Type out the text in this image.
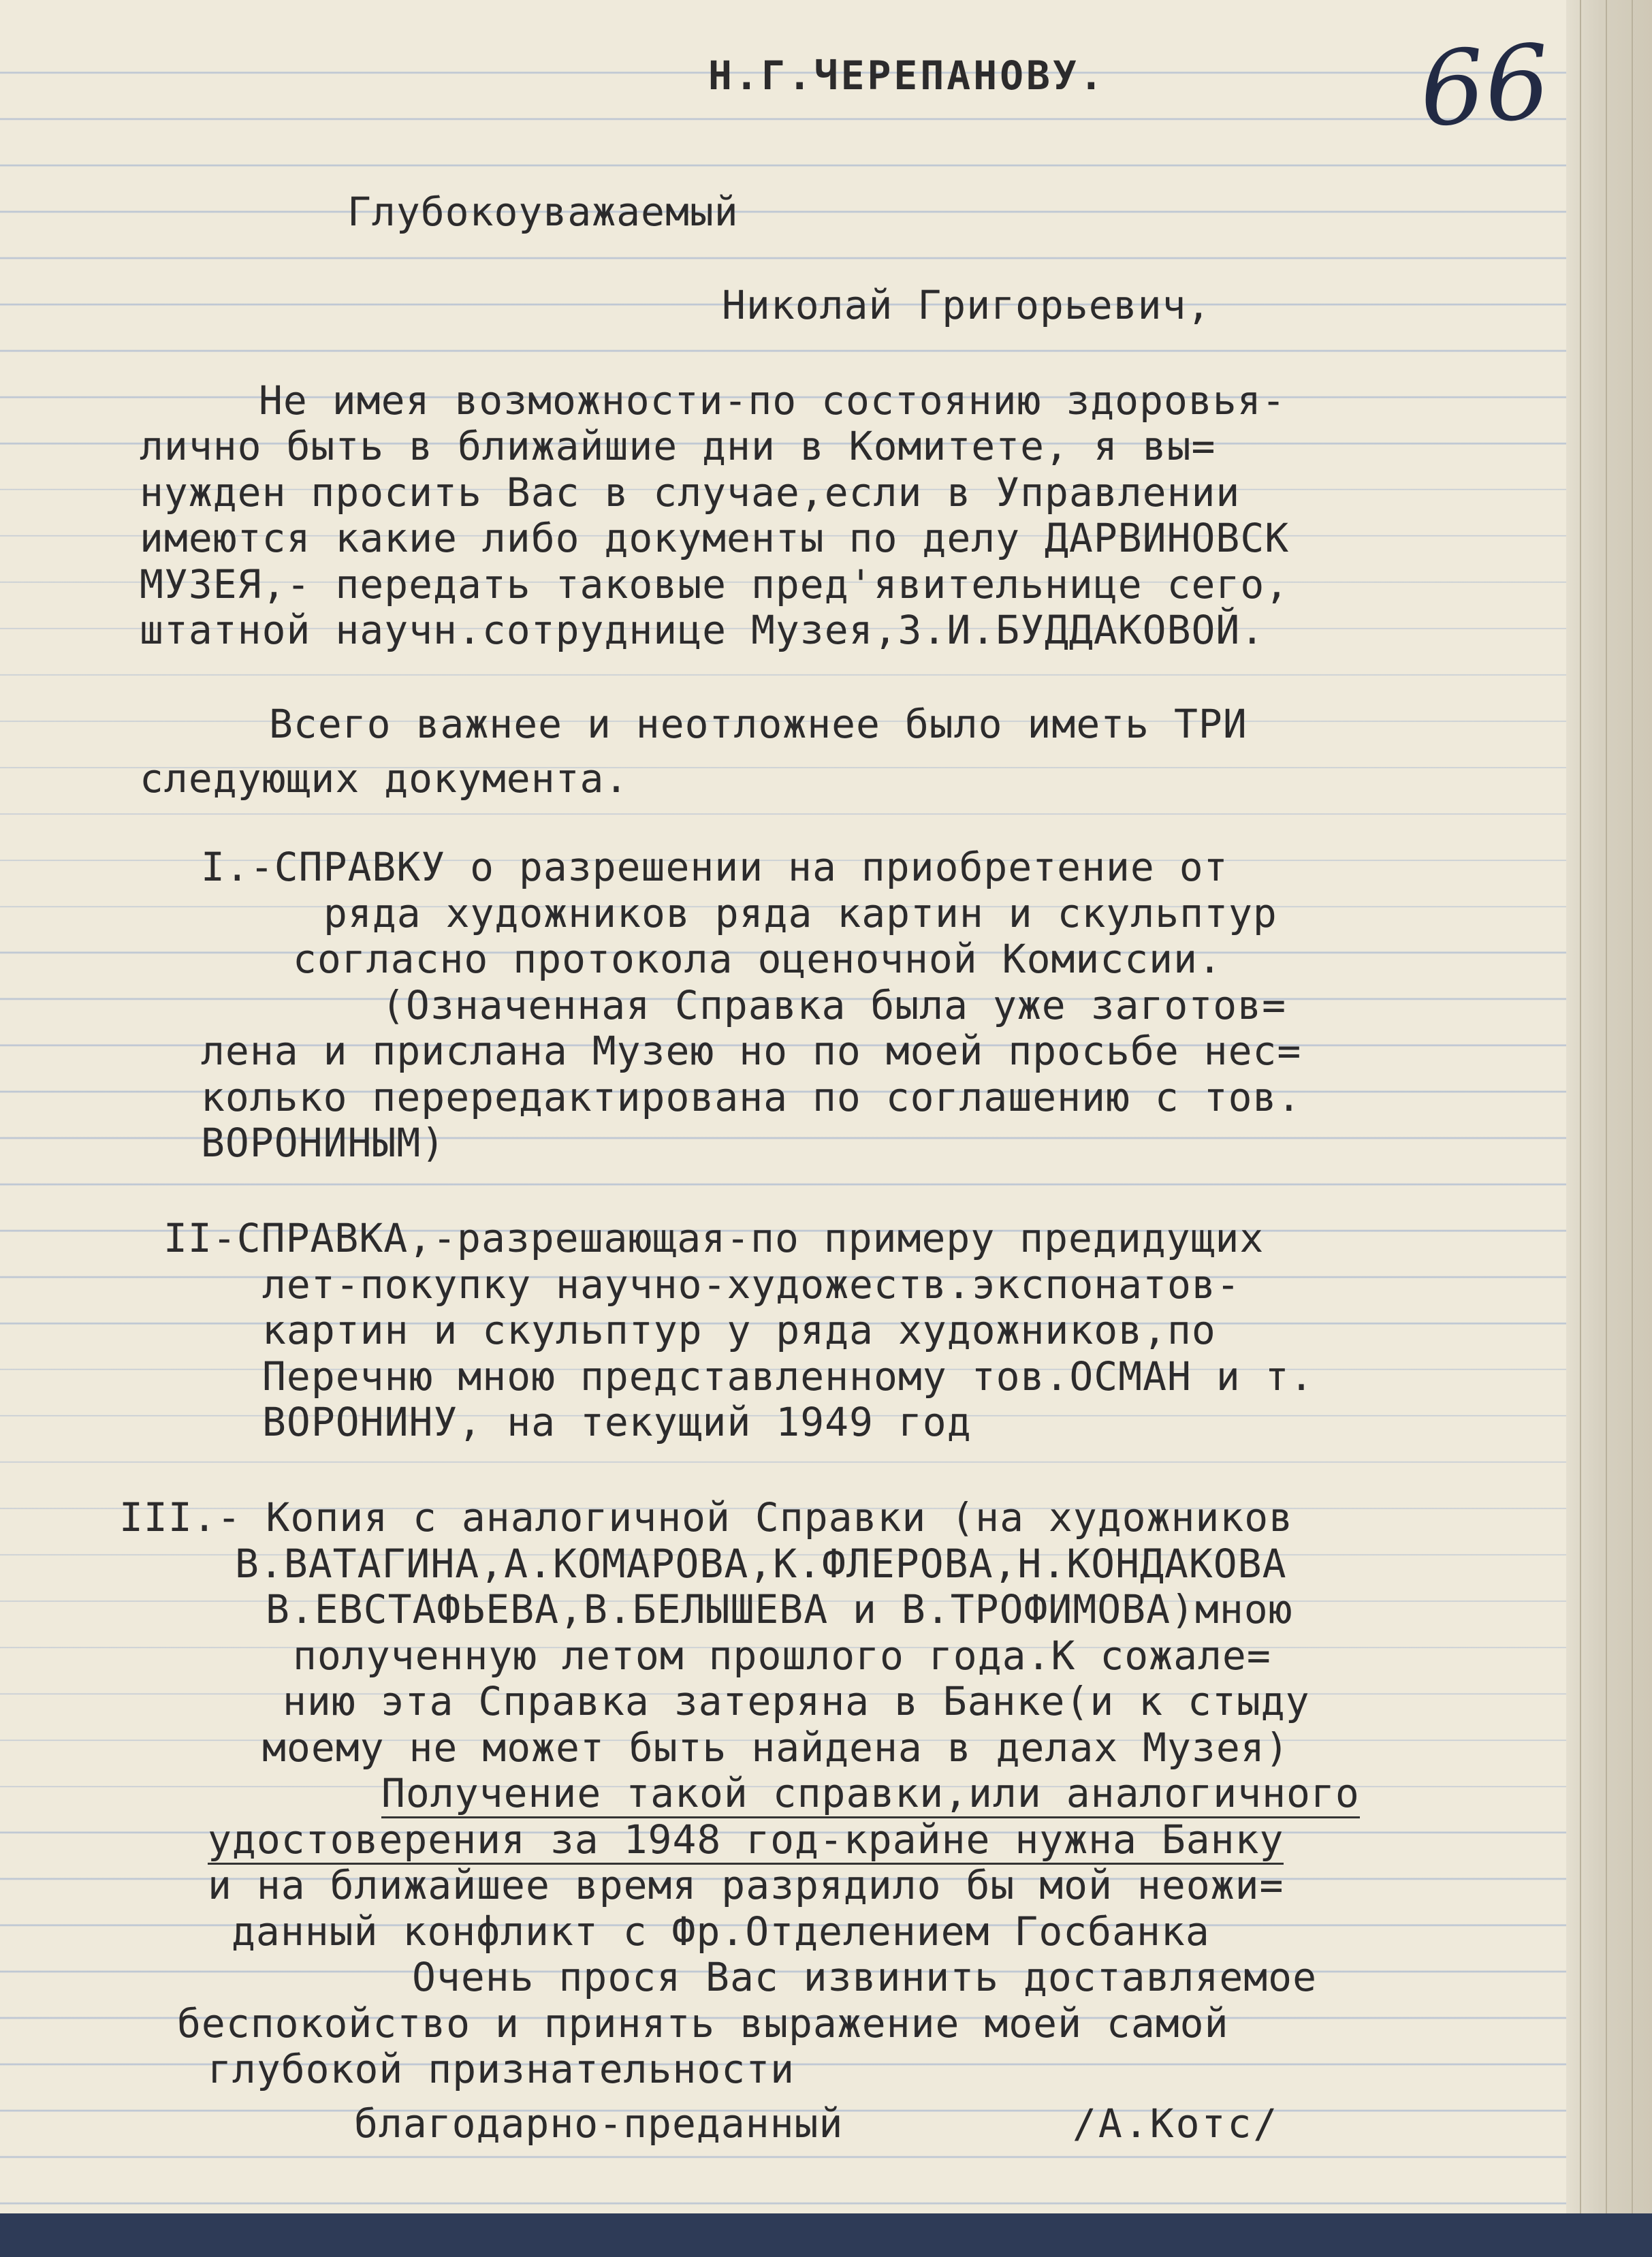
66

Н.Г.ЧЕРЕПАНОВУ.

Глубокоуважаемый

Николай Григорьевич,

Не имея возможности-по состоянию здоровья-

лично быть в ближайшие дни в Комитете, я вы=

нужден просить Вас в случае,если в Управлении

имеются какие либо документы по делу ДАРВИНОВСК

МУЗЕЯ,- передать таковые пред'явительнице сего,

штатной научн.сотруднице Музея,З.И.БУДДАКОВОЙ.

Всего важнее и неотложнее было иметь ТРИ

следующих документа.

I.-СПРАВКУ о разрешении на приобретение от

ряда художников ряда картин и скульптур

согласно протокола оценочной Комиссии.

(Означенная Справка была уже заготов=

лена и прислана Музею но по моей просьбе нес=

колько перередактирована по соглашению с тов.

ВОРОНИНЫМ)

II-СПРАВКА,-разрешающая-по примеру предидущих

лет-покупку научно-художеств.экспонатов-

картин и скульптур у ряда художников,по

Перечню мною представленному тов.ОСМАН и т.

ВОРОНИНУ, на текущий 1949 год

III.- Копия с аналогичной Справки (на художников

В.ВАТАГИНА,А.КОМАРОВА,К.ФЛЕРОВА,Н.КОНДАКОВА

В.ЕВСТАФЬЕВА,В.БЕЛЫШЕВА и В.ТРОФИМОВА)мною

полученную летом прошлого года.К сожале=

нию эта Справка затеряна в Банке(и к стыду

моему не может быть найдена в делах Музея)

Получение такой справки,или аналогичного

удостоверения за 1948 год-крайне нужна Банку

и на ближайшее время разрядило бы мой неожи=

данный конфликт с Фр.Отделением Госбанка

Очень прося Вас извинить доставляемое

беспокойство и принять выражение моей самой

глубокой признательности

благодарно-преданный	/А.Котс/
